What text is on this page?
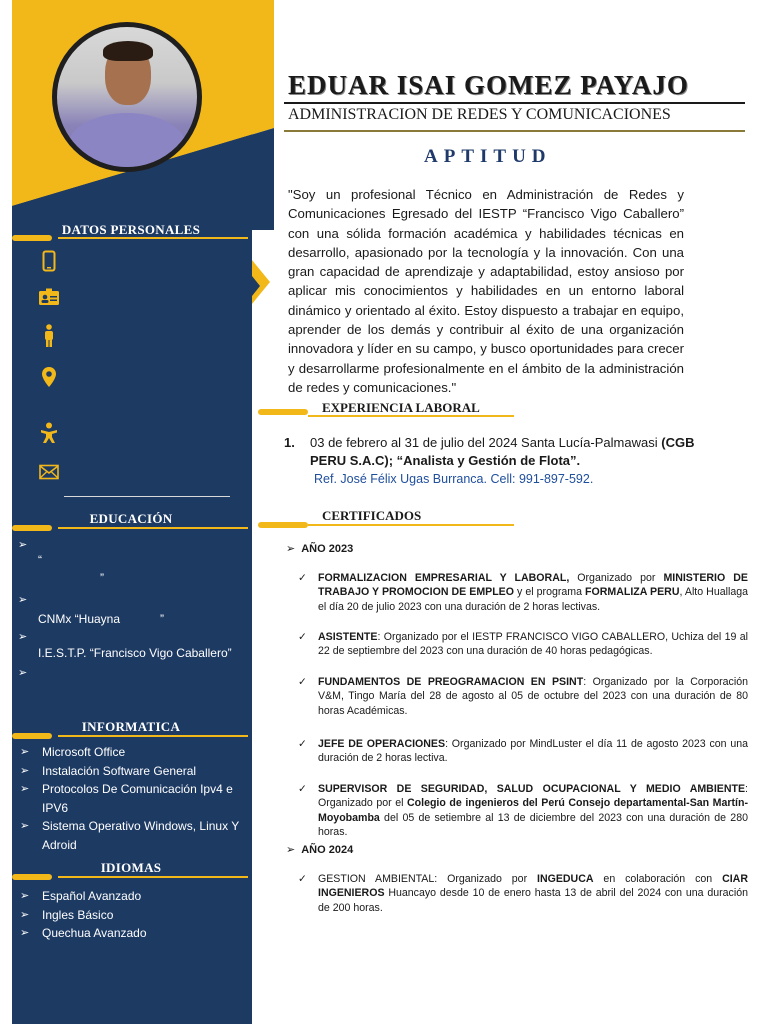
DATOS PERSONALES
EDUCACIÓN
➢
“
”
➢
CNMx “Huayna            ”
➢
I.E.S.T.P. “Francisco Vigo Caballero”
➢
INFORMATICA
➢ Microsoft Office
➢ Instalación Software General
➢ Protocolos De Comunicación Ipv4 e IPV6
➢ Sistema Operativo Windows, Linux Y Adroid
IDIOMAS
➢ Español Avanzado
➢ Ingles Básico
➢ Quechua Avanzado
EDUAR ISAI GOMEZ PAYAJO
ADMINISTRACION DE REDES Y COMUNICACIONES
APTITUD

"Soy un profesional Técnico en Administración de Redes y Comunicaciones Egresado del IESTP “Francisco Vigo Caballero” con una sólida formación académica y habilidades técnicas en desarrollo, apasionado por la tecnología y la innovación. Con una gran capacidad de aprendizaje y adaptabilidad, estoy ansioso por aplicar mis conocimientos y habilidades en un entorno laboral dinámico y orientado al éxito. Estoy dispuesto a trabajar en equipo, aprender de los demás y contribuir al éxito de una organización innovadora y líder en su campo, y busco oportunidades para crecer y desarrollarme profesionalmente en el ámbito de la administración de redes y comunicaciones."

EXPERIENCIA LABORAL
1. 03 de febrero al 31 de julio del 2024 Santa Lucía-Palmawasi (CGB PERU S.A.C); “Analista y Gestión de Flota”.
Ref. José Félix Ugas Burranca. Cell: 991-897-592.
CERTIFICADOS
➢ AÑO 2023
✓ FORMALIZACION EMPRESARIAL Y LABORAL, Organizado por MINISTERIO DE TRABAJO Y PROMOCION DE EMPLEO y el programa FORMALIZA PERU, Alto Huallaga el día 20 de julio 2023 con una duración de 2 horas lectivas.
✓ ASISTENTE: Organizado por el IESTP FRANCISCO VIGO CABALLERO, Uchiza del 19 al 22 de septiembre del 2023 con una duración de 40 horas pedagógicas.
✓ FUNDAMENTOS DE PREOGRAMACION EN PSINT: Organizado por la Corporación V&M, Tingo María del 28 de agosto al 05 de octubre del 2023 con una duración de 80 horas Académicas.
✓ JEFE DE OPERACIONES: Organizado por MindLuster el día 11 de agosto 2023 con una duración de 2 horas lectiva.
✓ SUPERVISOR DE SEGURIDAD, SALUD OCUPACIONAL Y MEDIO AMBIENTE: Organizado por el Colegio de ingenieros del Perú Consejo departamental-San Martín-Moyobamba del 05 de setiembre al 13 de diciembre del 2023 con una duración de 280 horas.
➢ AÑO 2024
✓ GESTION AMBIENTAL: Organizado por INGEDUCA en colaboración con CIAR INGENIEROS Huancayo desde 10 de enero hasta 13 de abril del 2024 con una duración de 200 horas.
